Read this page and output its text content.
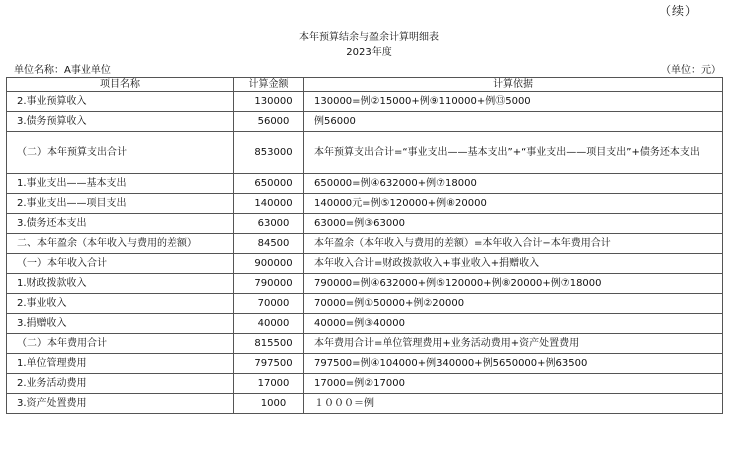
（续）
本年预算结余与盈余计算明细表
2023年度
单位名称：A事业单位	（单位：元）
项目名称	计算金额	计算依据
2.事业预算收入	130000	130000=例②15000+例⑨110000+例⑬5000
3.债务预算收入	56000	例56000
（二）本年预算支出合计	853000	本年预算支出合计=“事业支出——基本支出”+“事业支出——项目支出”+债务还本支出
1.事业支出——基本支出	650000	650000=例④632000+例⑦18000
2.事业支出——项目支出	140000	140000元=例⑤120000+例⑧20000
3.债务还本支出	63000	63000=例③63000
二、本年盈余（本年收入与费用的差额）	84500	本年盈余（本年收入与费用的差额）=本年收入合计−本年费用合计
（一）本年收入合计	900000	本年收入合计=财政拨款收入+事业收入+捐赠收入
1.财政拨款收入	790000	790000=例④632000+例⑤120000+例⑧20000+例⑦18000
2.事业收入	70000	70000=例①50000+例②20000
3.捐赠收入	40000	40000=例③40000
（二）本年费用合计	815500	本年费用合计=单位管理费用+业务活动费用+资产处置费用
1.单位管理费用	797500	797500=例④104000+例340000+例5650000+例63500
2.业务活动费用	17000	17000=例②17000
3.资产处置费用	1000	１０００＝例
